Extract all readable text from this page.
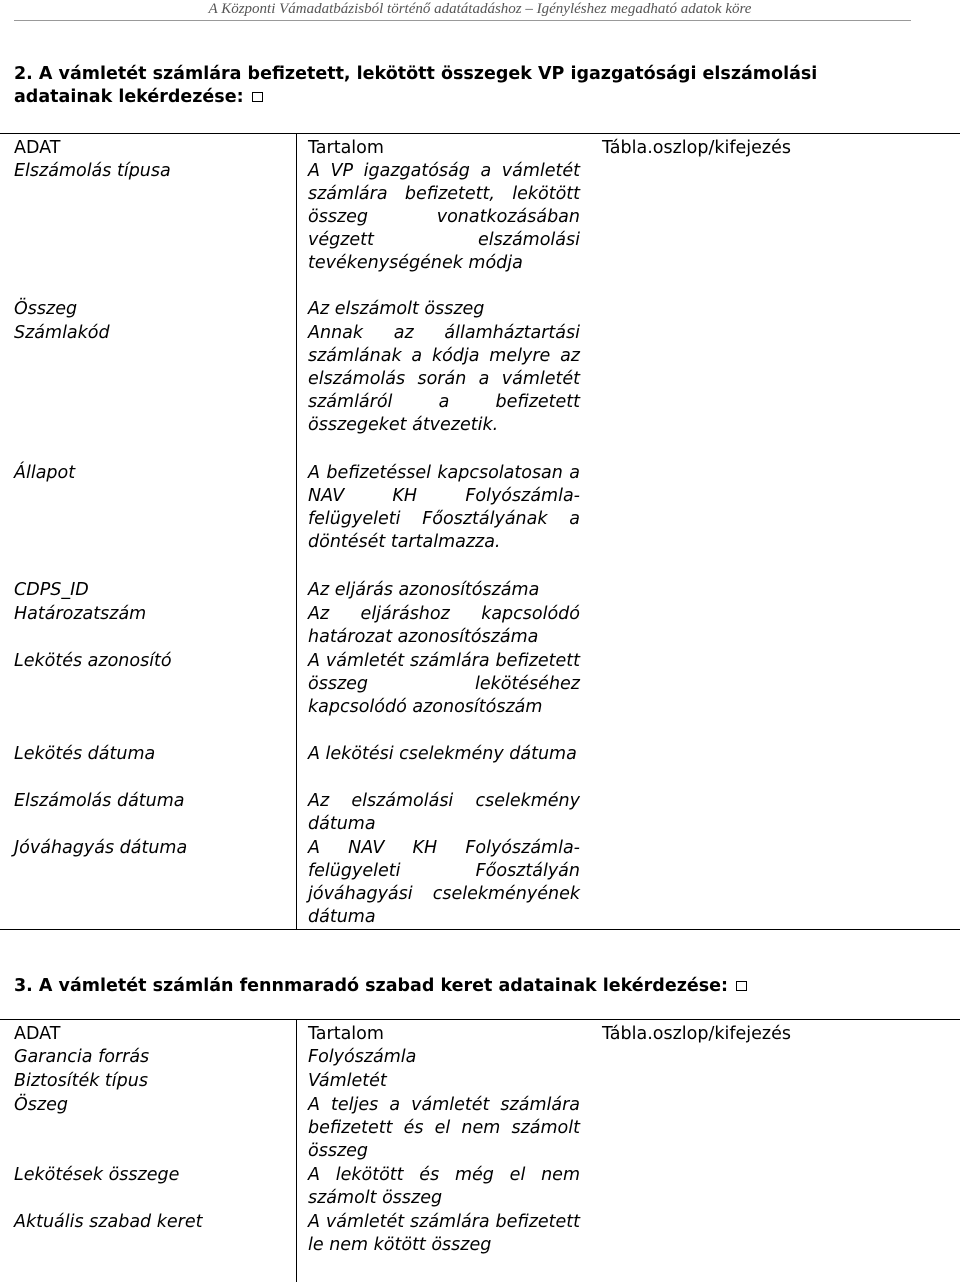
A Központi Vámadatbázisból történő adatátadáshoz – Igényléshez megadható adatok köre
2. A vámletét számlára befizetett, lekötött összegek VP igazgatósági elszámolási
adatainak lekérdezése:
ADAT	Tartalom	Tábla.oszlop/kifejezés
Elszámolás típusa	A VP igazgatóság a vámletét számlára befizetett, lekötött összeg vonatkozásában végzett elszámolási tevékenységének módja
Összeg	Az elszámolt összeg
Számlakód	Annak az államháztartási számlának a kódja melyre az elszámolás során a vámletét számláról a befizetett összegeket átvezetik.
Állapot	A befizetéssel kapcsolatosan a NAV KH Folyószámla-felügyeleti Főosztályának a döntését tartalmazza.
CDPS_ID	Az eljárás azonosítószáma
Határozatszám	Az eljáráshoz kapcsolódó határozat azonosítószáma
Lekötés azonosító	A vámletét számlára befizetett összeg lekötéséhez kapcsolódó azonosítószám
Lekötés dátuma	A lekötési cselekmény dátuma
Elszámolás dátuma	Az elszámolási cselekmény dátuma
Jóváhagyás dátuma	A NAV KH Folyószámla-felügyeleti Főosztályán jóváhagyási cselekményének dátuma
3. A vámletét számlán fennmaradó szabad keret adatainak lekérdezése:
ADAT	Tartalom	Tábla.oszlop/kifejezés
Garancia forrás	Folyószámla
Biztosíték típus	Vámletét
Öszeg	A teljes a vámletét számlára befizetett és el nem számolt összeg
Lekötések összege	A lekötött és még el nem számolt összeg
Aktuális szabad keret	A vámletét számlára befizetett le nem kötött összeg
